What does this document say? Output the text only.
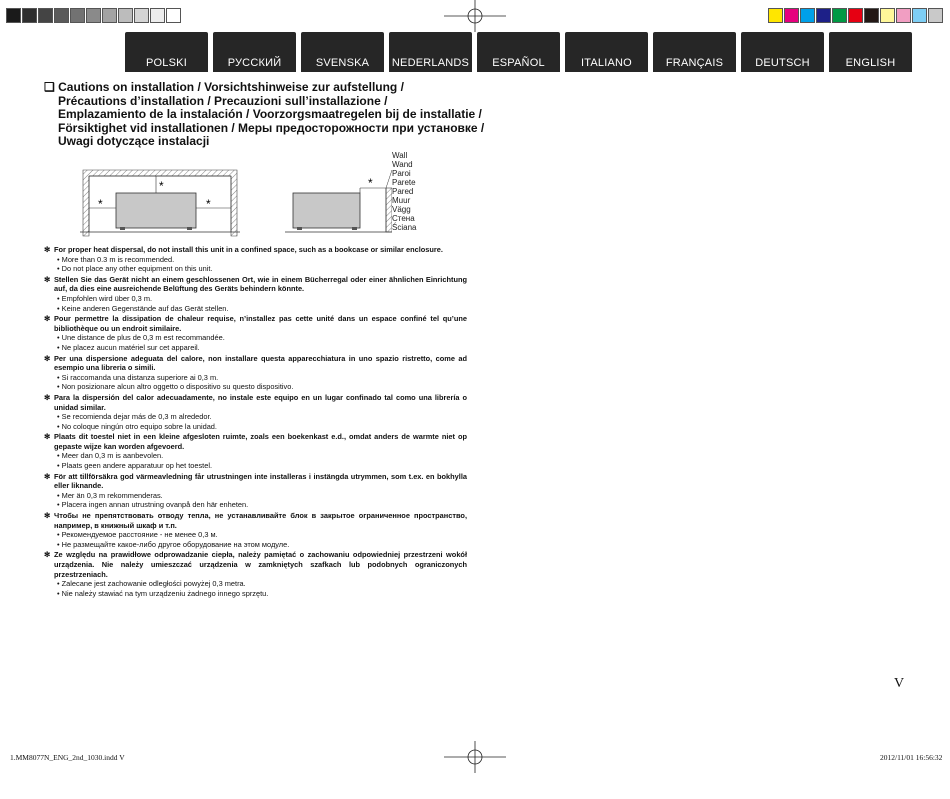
POLSKI	РУССКИЙ	SVENSKA	NEDERLANDS	ESPAÑOL	ITALIANO	FRANÇAIS	DEUTSCH	ENGLISH
❑ Cautions on installation / Vorsichtshinweise zur aufstellung /
Précautions d’installation / Precauzioni sull’installazione /
Emplazamiento de la instalación / Voorzorgsmaatregelen bij de installatie /
Försiktighet vid installationen / Меры предосторожности при установке /
Uwagi dotyczące instalacji
*
*	*
*
Wall
Wand
Paroi
Parete
Pared
Muur
Vägg
Стена
Ściana
✻ For proper heat dispersal, do not install this unit in a confined space, such as a bookcase or similar enclosure.
• More than 0.3 m is recommended.
• Do not place any other equipment on this unit.
✻ Stellen Sie das Gerät nicht an einem geschlossenen Ort, wie in einem Bücherregal oder einer ähnlichen Einrichtung auf, da dies eine ausreichende Belüftung des Geräts behindern könnte.
• Empfohlen wird über 0,3 m.
• Keine anderen Gegenstände auf das Gerät stellen.
✻ Pour permettre la dissipation de chaleur requise, n’installez pas cette unité dans un espace confiné tel qu’une bibliothèque ou un endroit similaire.
• Une distance de plus de 0,3 m est recommandée.
• Ne placez aucun matériel sur cet appareil.
✻ Per una dispersione adeguata del calore, non installare questa apparecchiatura in uno spazio ristretto, come ad esempio una libreria o simili.
• Si raccomanda una distanza superiore ai 0,3 m.
• Non posizionare alcun altro oggetto o dispositivo su questo dispositivo.
✻ Para la dispersión del calor adecuadamente, no instale este equipo en un lugar confinado tal como una librería o unidad similar.
• Se recomienda dejar más de 0,3 m alrededor.
• No coloque ningún otro equipo sobre la unidad.
✻ Plaats dit toestel niet in een kleine afgesloten ruimte, zoals een boekenkast e.d., omdat anders de warmte niet op gepaste wijze kan worden afgevoerd.
• Meer dan 0,3 m is aanbevolen.
• Plaats geen andere apparatuur op het toestel.
✻ För att tillförsäkra god värmeavledning får utrustningen inte installeras i instängda utrymmen, som t.ex. en bokhylla eller liknande.
• Mer än 0,3 m rekommenderas.
• Placera ingen annan utrustning ovanpå den här enheten.
✻ Чтобы не препятствовать отводу тепла, не устанавливайте блок в закрытое ограниченное пространство, например, в книжный шкаф и т.п.
• Рекомендуемое расстояние - не менее 0,3 м.
• Не размещайте какое-либо другое оборудование на этом модуле.
✻ Ze względu na prawidłowe odprowadzanie ciepła, należy pamiętać o zachowaniu odpowiedniej przestrzeni wokół urządzenia. Nie należy umieszczać urządzenia w zamkniętych szafkach lub podobnych ograniczonych przestrzeniach.
• Zalecane jest zachowanie odległości powyżej 0,3 metra.
• Nie należy stawiać na tym urządzeniu żadnego innego sprzętu.
V
1.MM8077N_ENG_2nd_1030.indd V	2012/11/01 16:56:32
